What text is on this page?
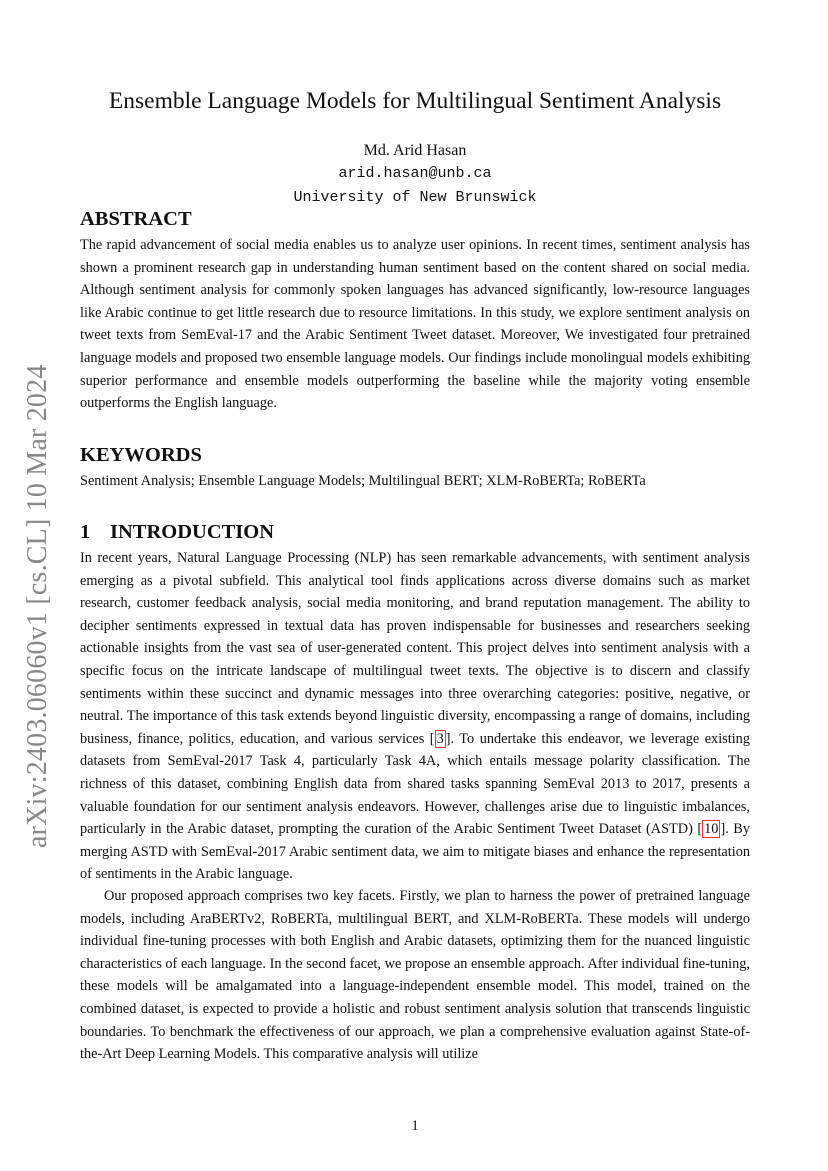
arXiv:2403.06060v1 [cs.CL] 10 Mar 2024
Ensemble Language Models for Multilingual Sentiment Analysis
Md. Arid Hasan
arid.hasan@unb.ca
University of New Brunswick
ABSTRACT

The rapid advancement of social media enables us to analyze user opinions. In recent times, sentiment analysis has shown a prominent research gap in understanding human sentiment based on the content shared on social media. Although sentiment analysis for commonly spoken languages has advanced significantly, low-resource languages like Arabic continue to get little research due to resource limitations. In this study, we explore sentiment analysis on tweet texts from SemEval-17 and the Arabic Sentiment Tweet dataset. Moreover, We investigated four pretrained language models and proposed two ensemble language models. Our findings include monolingual models exhibiting superior performance and ensemble models outperforming the baseline while the majority voting ensemble outperforms the English language.

KEYWORDS

Sentiment Analysis; Ensemble Language Models; Multilingual BERT; XLM-RoBERTa; RoBERTa

1 INTRODUCTION

In recent years, Natural Language Processing (NLP) has seen remarkable advancements, with sentiment analysis emerging as a pivotal subfield. This analytical tool finds applications across diverse domains such as market research, customer feedback analysis, social media monitoring, and brand reputation management. The ability to decipher sentiments expressed in textual data has proven indispensable for businesses and researchers seeking actionable insights from the vast sea of user-generated content. This project delves into sentiment analysis with a specific focus on the intricate landscape of multilingual tweet texts. The objective is to discern and classify sentiments within these succinct and dynamic messages into three overarching categories: positive, negative, or neutral. The importance of this task extends beyond linguistic diversity, encompassing a range of domains, including business, finance, politics, education, and various services [ 3 ]. To undertake this endeavor, we leverage existing datasets from SemEval-2017 Task 4, particularly Task 4A, which entails message polarity classification. The richness of this dataset, combining English data from shared tasks spanning SemEval 2013 to 2017, presents a valuable foundation for our sentiment analysis endeavors. However, challenges arise due to linguistic imbalances, particularly in the Arabic dataset, prompting the curation of the Arabic Sentiment Tweet Dataset (ASTD) [ 10 ]. By merging ASTD with SemEval-2017 Arabic sentiment data, we aim to mitigate biases and enhance the representation of sentiments in the Arabic language.

Our proposed approach comprises two key facets. Firstly, we plan to harness the power of pretrained language models, including AraBERTv2, RoBERTa, multilingual BERT, and XLM-RoBERTa. These models will undergo individual fine-tuning processes with both English and Arabic datasets, optimizing them for the nuanced linguistic characteristics of each language. In the second facet, we propose an ensemble approach. After individual fine-tuning, these models will be amalgamated into a language-independent ensemble model. This model, trained on the combined dataset, is expected to provide a holistic and robust sentiment analysis solution that transcends linguistic boundaries. To benchmark the effectiveness of our approach, we plan a comprehensive evaluation against State-of-the-Art Deep Learning Models. This comparative analysis will utilize

1
